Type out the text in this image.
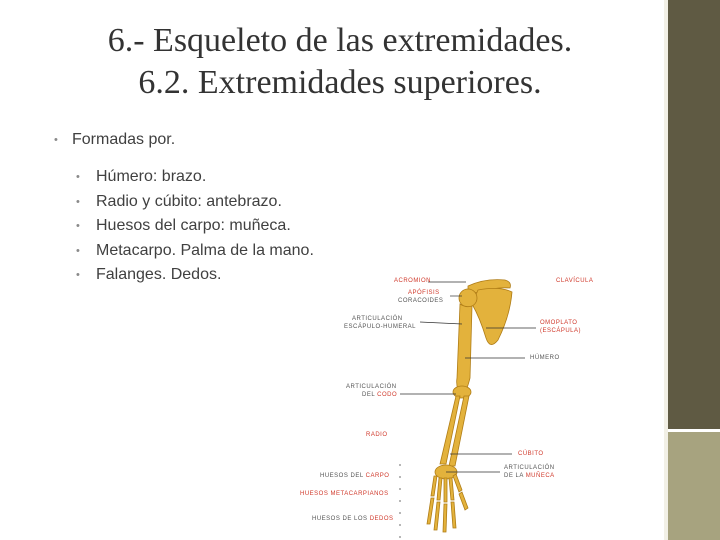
6.- Esqueleto de las extremidades.
6.2. Extremidades superiores.
• Formadas por.
• Húmero: brazo.
• Radio y cúbito: antebrazo.
• Huesos del carpo: muñeca.
• Metacarpo. Palma de la mano.
• Falanges. Dedos.	ACROMION
APÓFISIS
CORACOIDES
ARTICULACIÓN
ESCÁPULO-HUMERAL
CLAVÍCULA
OMOPLATO
(ESCÁPULA)
HÚMERO
ARTICULACIÓN
DEL CODO
RADIO
CÚBITO
ARTICULACIÓN
DE LA MUÑECA
HUESOS DEL CARPO
HUESOS METACARPIANOS
HUESOS DE LOS DEDOS
